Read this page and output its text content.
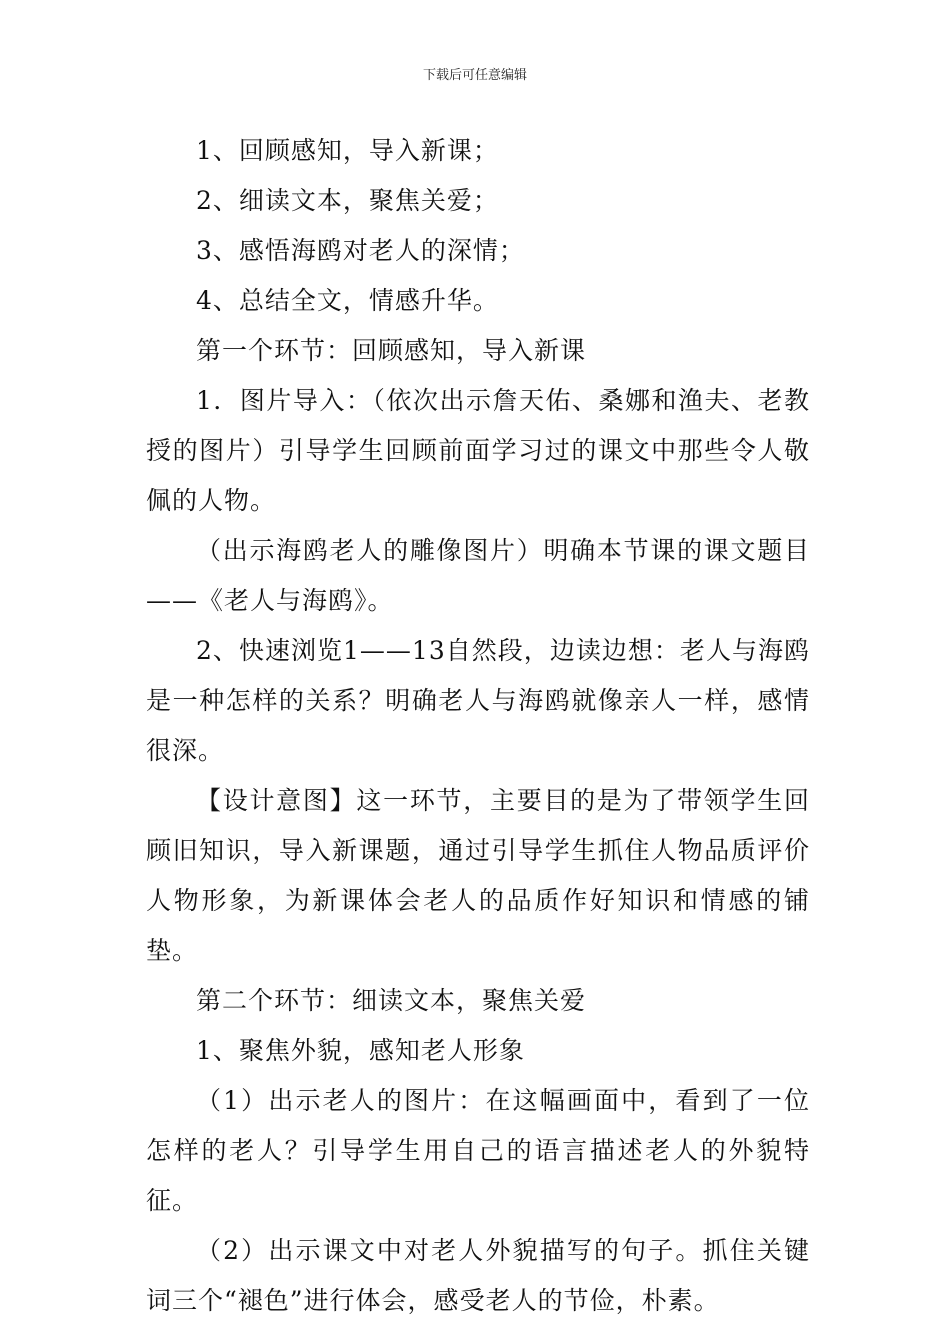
下载后可任意编辑

1、回顾感知，导入新课；

2、细读文本，聚焦关爱；

3、感悟海鸥对老人的深情；

4、总结全文，情感升华。

第一个环节：回顾感知，导入新课

1．图片导入：（依次出示詹天佑、桑娜和渔夫、老教授的图片）引导学生回顾前面学习过的课文中那些令人敬佩的人物。

（出示海鸥老人的雕像图片）明确本节课的课文题目——《老人与海鸥》。

2、快速浏览1——13自然段，边读边想：老人与海鸥是一种怎样的关系？明确老人与海鸥就像亲人一样，感情很深。

【设计意图】这一环节，主要目的是为了带领学生回顾旧知识，导入新课题，通过引导学生抓住人物品质评价人物形象，为新课体会老人的品质作好知识和情感的铺垫。

第二个环节：细读文本，聚焦关爱

1、聚焦外貌，感知老人形象

（1）出示老人的图片：在这幅画面中，看到了一位怎样的老人？引导学生用自己的语言描述老人的外貌特征。

（2）出示课文中对老人外貌描写的句子。抓住关键词三个“褪色”进行体会，感受老人的节俭，朴素。
